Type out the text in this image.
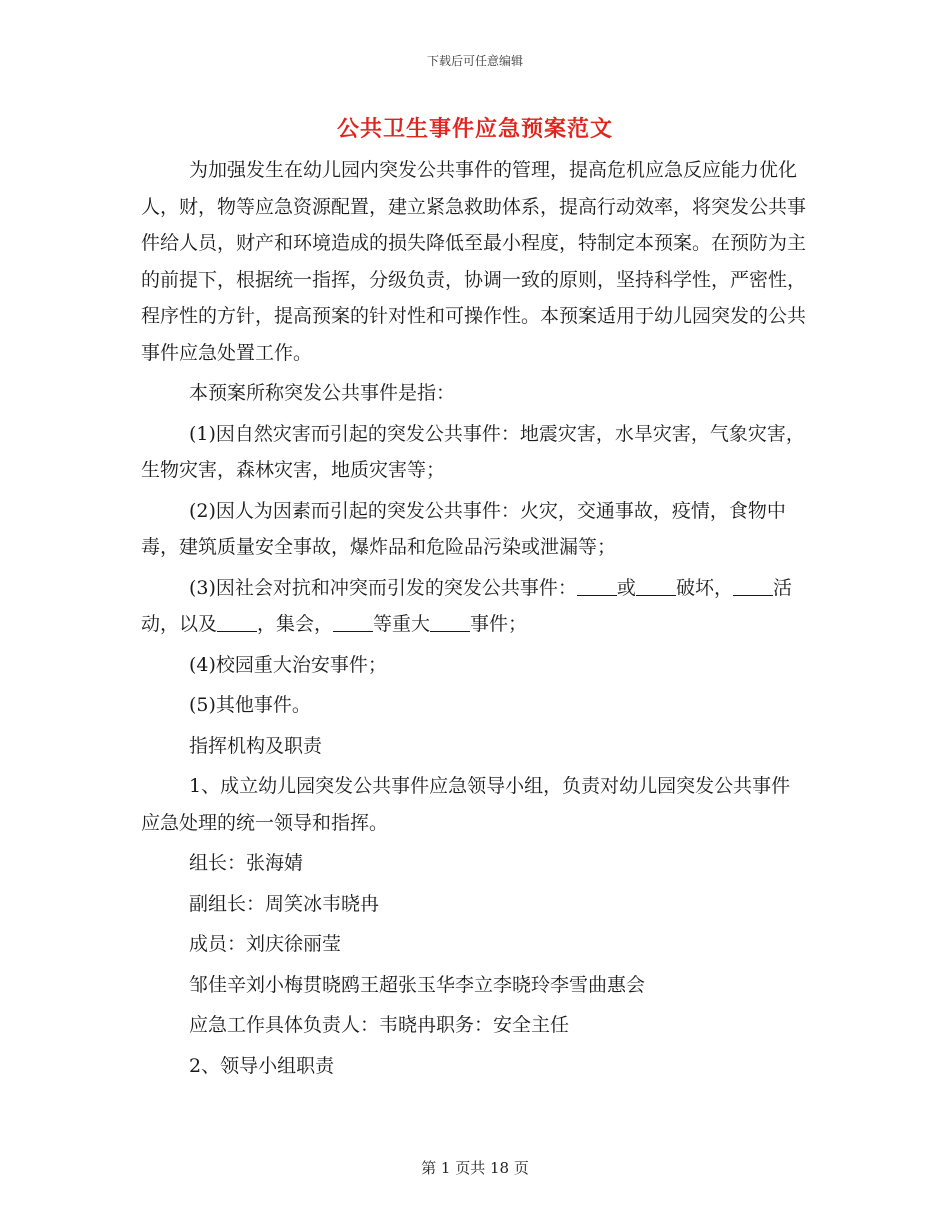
下载后可任意编辑
公共卫生事件应急预案范文

为加强发生在幼儿园内突发公共事件的管理，提高危机应急反应能力优化人，财，物等应急资源配置，建立紧急救助体系，提高行动效率，将突发公共事件给人员，财产和环境造成的损失降低至最小程度，特制定本预案。在预防为主的前提下，根据统一指挥，分级负责，协调一致的原则，坚持科学性，严密性，程序性的方针，提高预案的针对性和可操作性。本预案适用于幼儿园突发的公共事件应急处置工作。

本预案所称突发公共事件是指：

(1)因自然灾害而引起的突发公共事件：地震灾害，水旱灾害，气象灾害，生物灾害，森林灾害，地质灾害等；

(2)因人为因素而引起的突发公共事件：火灾，交通事故，疫情，食物中毒，建筑质量安全事故，爆炸品和危险品污染或泄漏等；

(3)因社会对抗和冲突而引发的突发公共事件： 或 破坏， 活动，以及 ，集会， 等重大 事件；

(4)校园重大治安事件；

(5)其他事件。

指挥机构及职责

1、成立幼儿园突发公共事件应急领导小组，负责对幼儿园突发公共事件应急处理的统一领导和指挥。

组长：张海婧

副组长：周笑冰韦晓冉

成员：刘庆徐丽莹

邹佳辛刘小梅贯晓鸥王超张玉华李立李晓玲李雪曲惠会

应急工作具体负责人：韦晓冉职务：安全主任

2、领导小组职责

第 1 页共 18 页
